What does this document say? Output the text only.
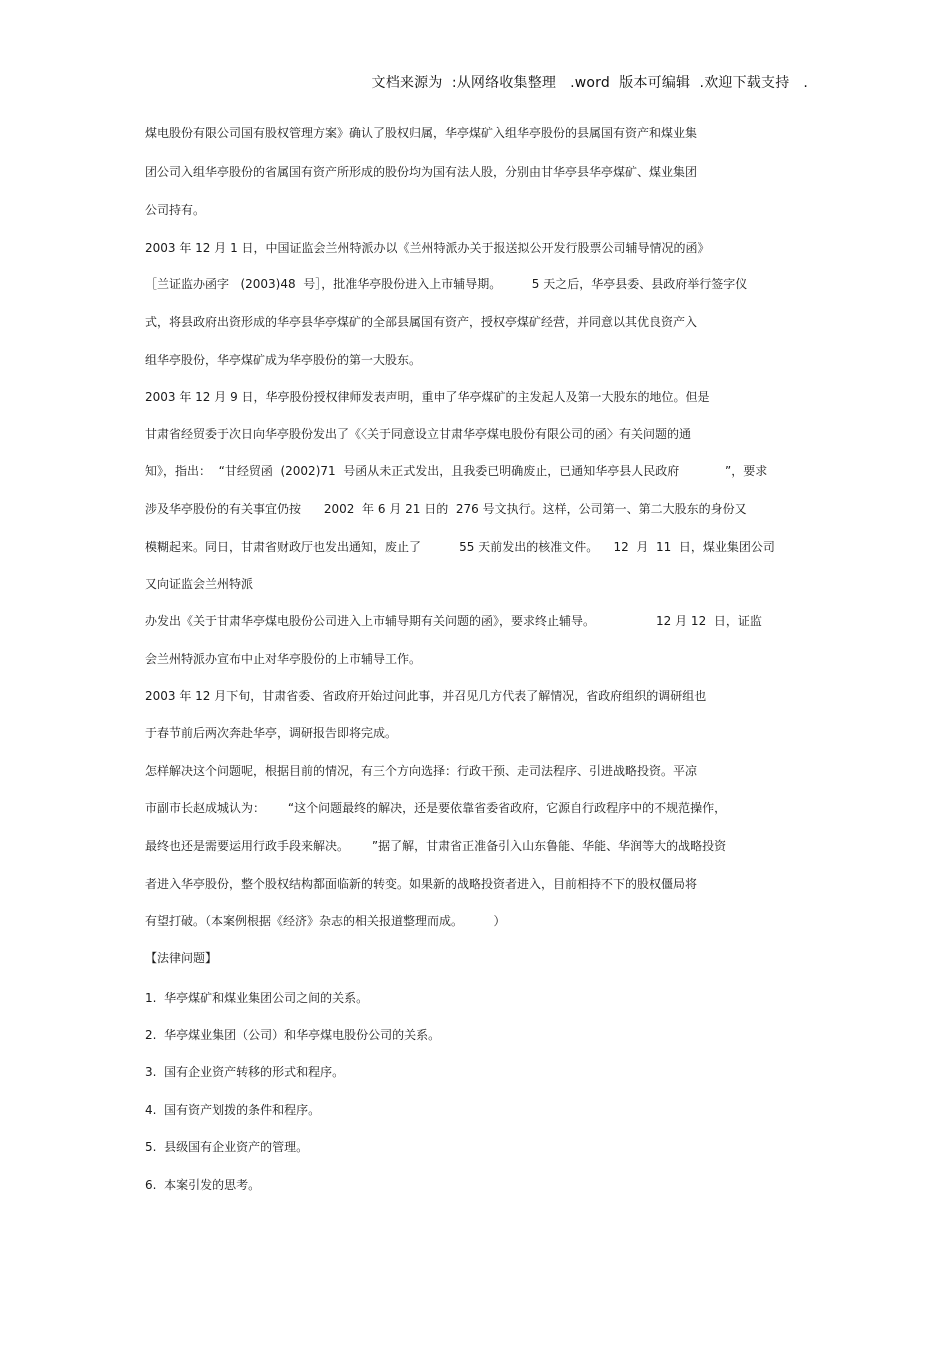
文档来源为  :从网络收集整理   .word  版本可编辑  .欢迎下载支持   .
煤电股份有限公司国有股权管理方案》确认了股权归属，华亭煤矿入组华亭股份的县属国有资产和煤业集
团公司入组华亭股份的省属国有资产所形成的股份均为国有法人股，分别由甘华亭县华亭煤矿、煤业集团
公司持有。
2003 年 12 月 1 日，中国证监会兰州特派办以《兰州特派办关于报送拟公开发行股票公司辅导情况的函》
［兰证监办函字   (2003)48  号］，批准华亭股份进入上市辅导期。        5 天之后，华亭县委、县政府举行签字仪
式，将县政府出资形成的华亭县华亭煤矿的全部县属国有资产，授权亭煤矿经营，并同意以其优良资产入
组华亭股份，华亭煤矿成为华亭股份的第一大股东。
2003 年 12 月 9 日，华亭股份授权律师发表声明，重申了华亭煤矿的主发起人及第一大股东的地位。但是
甘肃省经贸委于次日向华亭股份发出了《〈关于同意设立甘肃华亭煤电股份有限公司的函〉有关问题的通
知》，指出：  “甘经贸函  (2002)71  号函从未正式发出，且我委已明确废止，已通知华亭县人民政府            ”，要求
涉及华亭股份的有关事宜仍按      2002  年 6 月 21 日的  276 号文执行。这样，公司第一、第二大股东的身份又
模糊起来。同日，甘肃省财政厅也发出通知，废止了          55 天前发出的核准文件。    12  月  11  日，煤业集团公司
又向证监会兰州特派
办发出《关于甘肃华亭煤电股份公司进入上市辅导期有关问题的函》，要求终止辅导。                12 月 12  日，证监
会兰州特派办宣布中止对华亭股份的上市辅导工作。
2003 年 12 月下旬，甘肃省委、省政府开始过问此事，并召见几方代表了解情况，省政府组织的调研组也
于春节前后两次奔赴华亭，调研报告即将完成。
怎样解决这个问题呢，根据目前的情况，有三个方向选择：行政干预、走司法程序、引进战略投资。平凉
市副市长赵成城认为：      “这个问题最终的解决，还是要依靠省委省政府，它源自行政程序中的不规范操作，
最终也还是需要运用行政手段来解决。      ”据了解，甘肃省正准备引入山东鲁能、华能、华润等大的战略投资
者进入华亭股份，整个股权结构都面临新的转变。如果新的战略投资者进入，目前相持不下的股权僵局将
有望打破。（本案例根据《经济》杂志的相关报道整理而成。        ）
【法律问题】
1.  华亭煤矿和煤业集团公司之间的关系。
2.  华亭煤业集团（公司）和华亭煤电股份公司的关系。
3.  国有企业资产转移的形式和程序。
4.  国有资产划拨的条件和程序。
5.  县级国有企业资产的管理。
6.  本案引发的思考。
